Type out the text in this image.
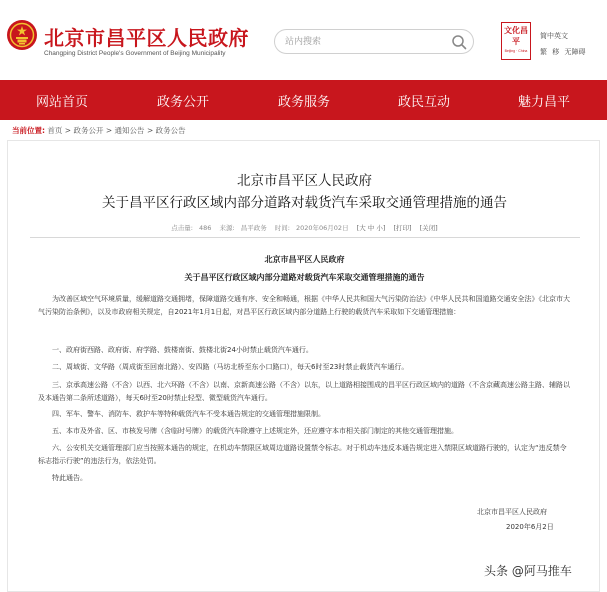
北京市昌平区人民政府
Changping District People's Government of Beijing Municipality
站内搜索
文化昌平
Beijing · China
简中英文
繁 移 无障碍
网站首页	政务公开	政务服务	政民互动	魅力昌平
当前位置: 首页 > 政务公开 > 通知公告 > 政务公告
北京市昌平区人民政府
关于昌平区行政区域内部分道路对载货汽车采取交通管理措施的通告
点击量: 486 来源: 昌平政务 时间: 2020年06月02日 [大 中 小] [打印] [关闭]
北京市昌平区人民政府
关于昌平区行政区域内部分道路对载货汽车采取交通管理措施的通告
为改善区域空气环境质量，缓解道路交通拥堵，保障道路交通有序、安全和畅通，根据《中华人民共和国大气污染防治法》《中华人民共和国道路交通安全法》《北京市大气污染防治条例》，以及市政府相关规定，自2021年1月1日起，对昌平区行政区域内部分道路上行驶的载货汽车采取如下交通管理措施：
一、政府街西路、政府街、府学路、鼓楼南街、鼓楼北街24小时禁止载货汽车通行。
二、周域街、文华路（周成街至回南北路）、安四路（马坊北桥至东小口路口），每天6时至23时禁止载货汽车通行。
三、京承高速公路（不含）以西、北六环路（不含）以南、京新高速公路（不含）以东，以上道路相接围成的昌平区行政区域内的道路（不含京藏高速公路主路、辅路以及本通告第二条所述道路），每天6时至20时禁止轻型、微型载货汽车通行。
四、军车、警车、消防车、救护车等特种载货汽车不受本通告规定的交通管理措施限制。
五、本市及外省、区、市核发号牌（含临时号牌）的载货汽车除遵守上述规定外，还应遵守本市相关部门制定的其他交通管理措施。
六、公安机关交通管理部门应当按照本通告的规定，在机动车禁限区域周边道路设置禁令标志。对于机动车违反本通告规定进入禁限区域道路行驶的，认定为“违反禁令标志指示行驶”的违法行为，依法处罚。
特此通告。
北京市昌平区人民政府
2020年6月2日
头条 @阿马推车
